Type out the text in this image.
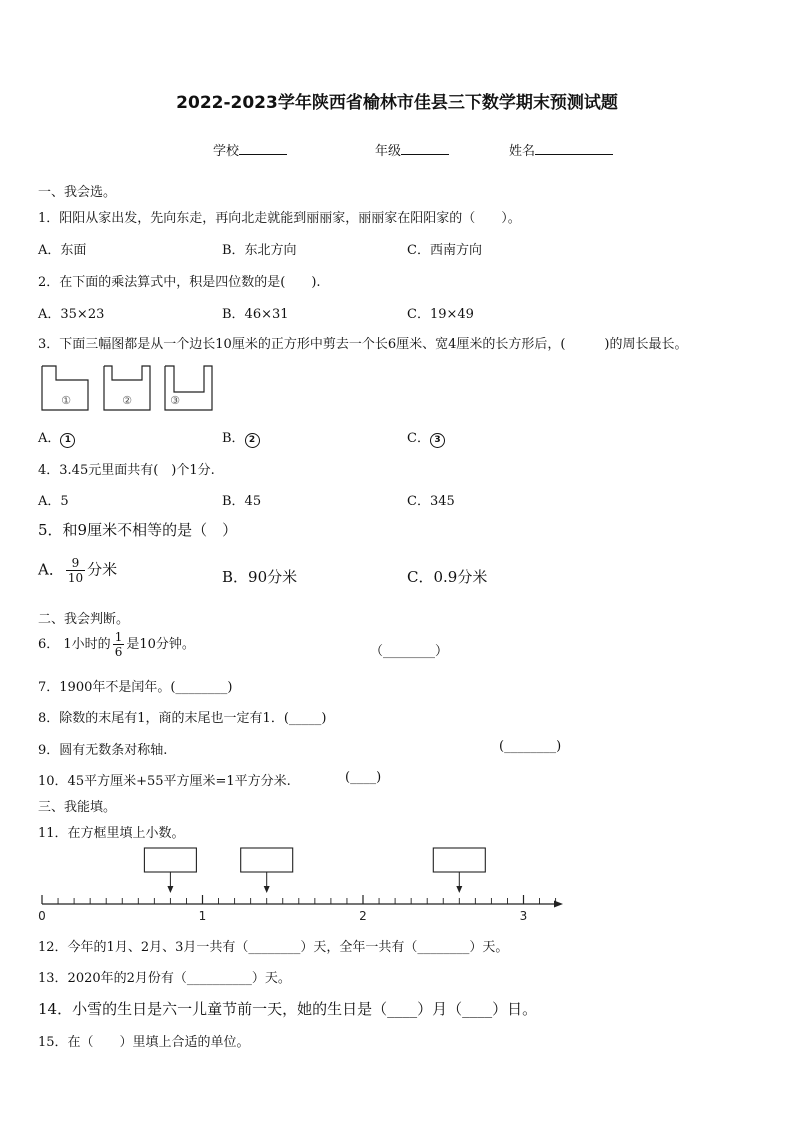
2022-2023学年陕西省榆林市佳县三下数学期末预测试题
学校	年级	姓名
一、我会选。
1．阳阳从家出发，先向东走，再向北走就能到丽丽家，丽丽家在阳阳家的（　　）。
A．东面	B．东北方向	C．西南方向
2．在下面的乘法算式中，积是四位数的是(　　).
A．35×23	B．46×31	C．19×49
3．下面三幅图都是从一个边长10厘米的正方形中剪去一个长6厘米、宽4厘米的长方形后，(　　　)的周长最长。
①	②	③
A． 1	B． 2	C． 3
4．3.45元里面共有(　)个1分.
A．5	B．45	C．345
5．和9厘米不相等的是（　）
A． $\frac{9}{10}$ 分米	B．90分米	C．0.9分米
二、我会判断。
6． 1小时的 $\frac{1}{6}$ 是10分钟。	（________）
7．1900年不是闰年。(________)
8．除数的末尾有1，商的末尾也一定有1．(_____)
9．圆有无数条对称轴.	(________)
10．45平方厘米+55平方厘米=1平方分米.	(____)
三、我能填。
11．在方框里填上小数。
0	1	2	3
12．今年的1月、2月、3月一共有（________）天，全年一共有（________）天。
13．2020年的2月份有（__________）天。
14．小雪的生日是六一儿童节前一天，她的生日是（____）月（____）日。
15．在（　　）里填上合适的单位。
